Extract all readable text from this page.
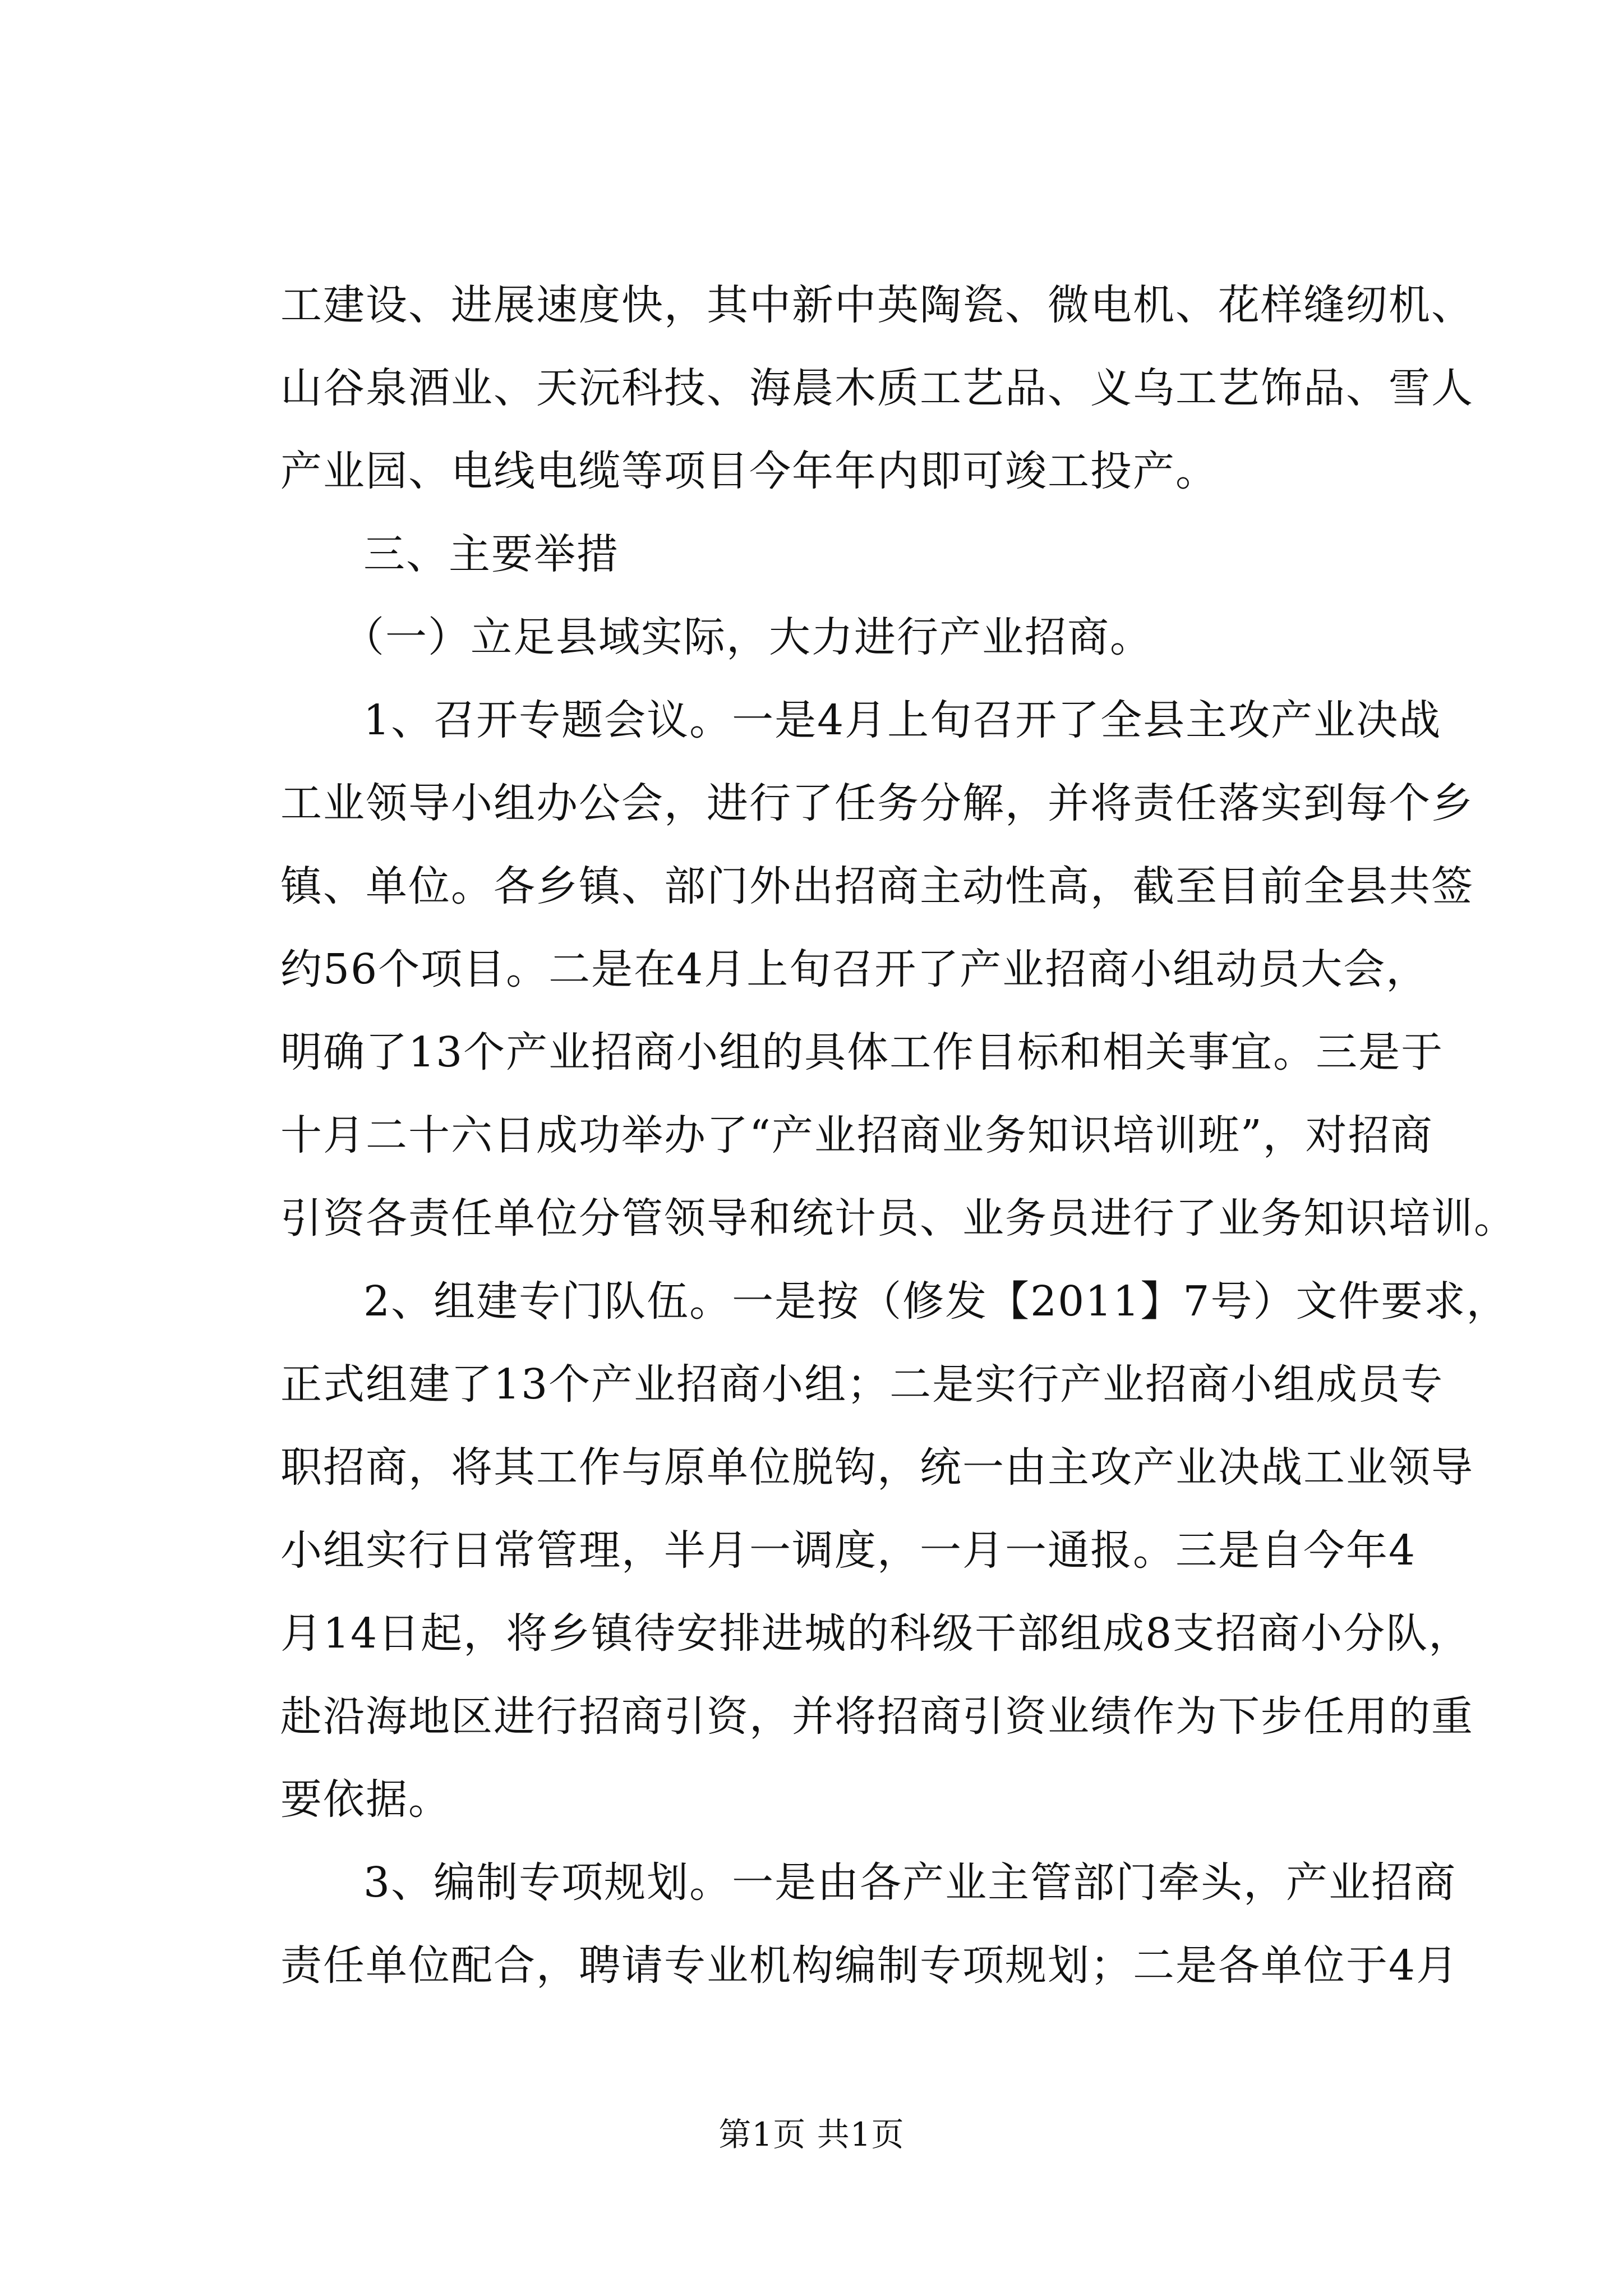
工建设、进展速度快，其中新中英陶瓷、微电机、花样缝纫机、
山谷泉酒业、天沅科技、海晨木质工艺品、义乌工艺饰品、雪人
产业园、电线电缆等项目今年年内即可竣工投产。
三、主要举措
（一）立足县域实际，大力进行产业招商。
1、召开专题会议。一是4月上旬召开了全县主攻产业决战
工业领导小组办公会，进行了任务分解，并将责任落实到每个乡
镇、单位。各乡镇、部门外出招商主动性高，截至目前全县共签
约56个项目。二是在4月上旬召开了产业招商小组动员大会，
明确了13个产业招商小组的具体工作目标和相关事宜。三是于
十月二十六日成功举办了“产业招商业务知识培训班”，对招商
引资各责任单位分管领导和统计员、业务员进行了业务知识培训。
2、组建专门队伍。一是按（修发【2011】7号）文件要求，
正式组建了13个产业招商小组；二是实行产业招商小组成员专
职招商，将其工作与原单位脱钩，统一由主攻产业决战工业领导
小组实行日常管理，半月一调度，一月一通报。三是自今年4
月14日起，将乡镇待安排进城的科级干部组成8支招商小分队，
赴沿海地区进行招商引资，并将招商引资业绩作为下步任用的重
要依据。
3、编制专项规划。一是由各产业主管部门牵头，产业招商
责任单位配合，聘请专业机构编制专项规划；二是各单位于4月
第1页 共1页
